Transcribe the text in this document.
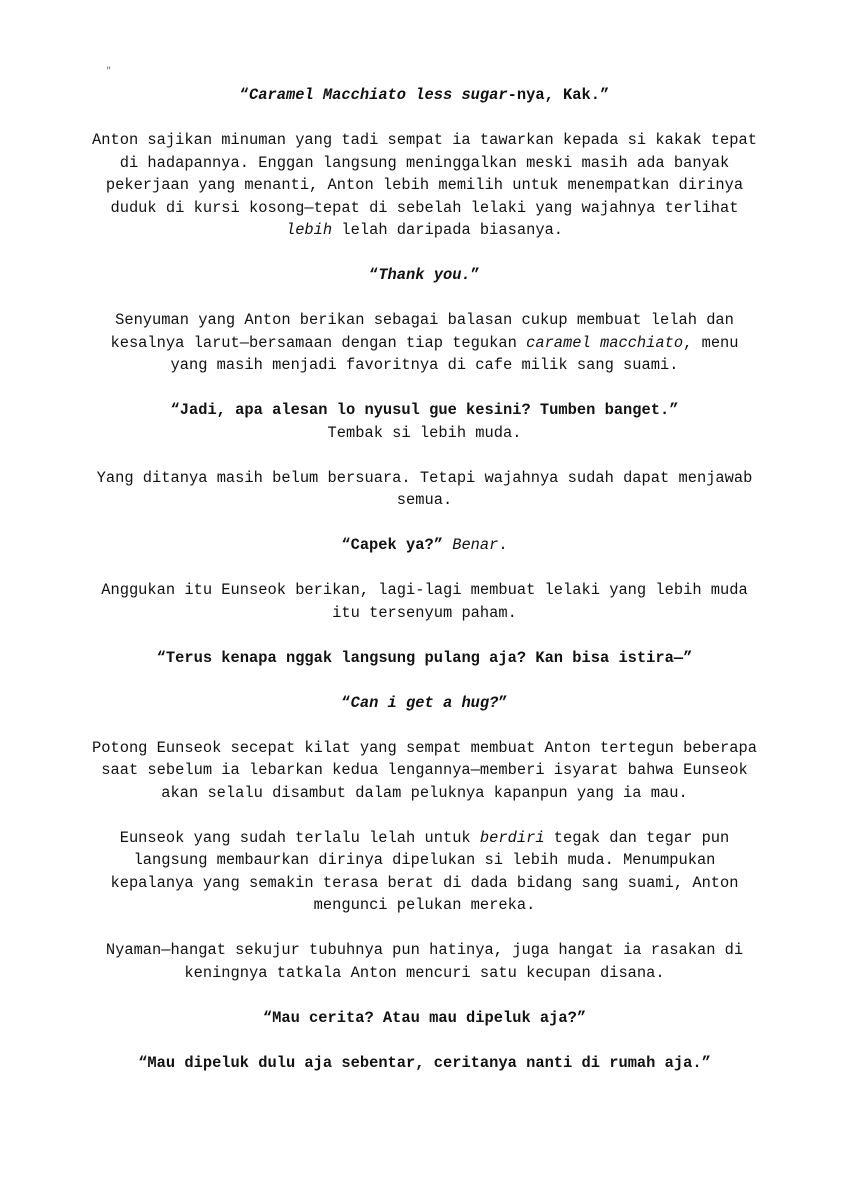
"

“Caramel Macchiato less sugar-nya, Kak.”

Anton sajikan minuman yang tadi sempat ia tawarkan kepada si kakak tepat di hadapannya. Enggan langsung meninggalkan meski masih ada banyak pekerjaan yang menanti, Anton lebih memilih untuk menempatkan dirinya duduk di kursi kosong—tepat di sebelah lelaki yang wajahnya terlihat lebih lelah daripada biasanya.

“Thank you.”

Senyuman yang Anton berikan sebagai balasan cukup membuat lelah dan kesalnya larut—bersamaan dengan tiap tegukan caramel macchiato, menu yang masih menjadi favoritnya di cafe milik sang suami.

“Jadi, apa alesan lo nyusul gue kesini? Tumben banget.”

Tembak si lebih muda.

Yang ditanya masih belum bersuara. Tetapi wajahnya sudah dapat menjawab semua.

“Capek ya?” Benar.

Anggukan itu Eunseok berikan, lagi-lagi membuat lelaki yang lebih muda itu tersenyum paham.

“Terus kenapa nggak langsung pulang aja? Kan bisa istira—”

“Can i get a hug?”

Potong Eunseok secepat kilat yang sempat membuat Anton tertegun beberapa saat sebelum ia lebarkan kedua lengannya—memberi isyarat bahwa Eunseok akan selalu disambut dalam peluknya kapanpun yang ia mau.

Eunseok yang sudah terlalu lelah untuk berdiri tegak dan tegar pun langsung membaurkan dirinya dipelukan si lebih muda. Menumpukan kepalanya yang semakin terasa berat di dada bidang sang suami, Anton mengunci pelukan mereka.

Nyaman—hangat sekujur tubuhnya pun hatinya, juga hangat ia rasakan di keningnya tatkala Anton mencuri satu kecupan disana.

“Mau cerita? Atau mau dipeluk aja?”

“Mau dipeluk dulu aja sebentar, ceritanya nanti di rumah aja.”
